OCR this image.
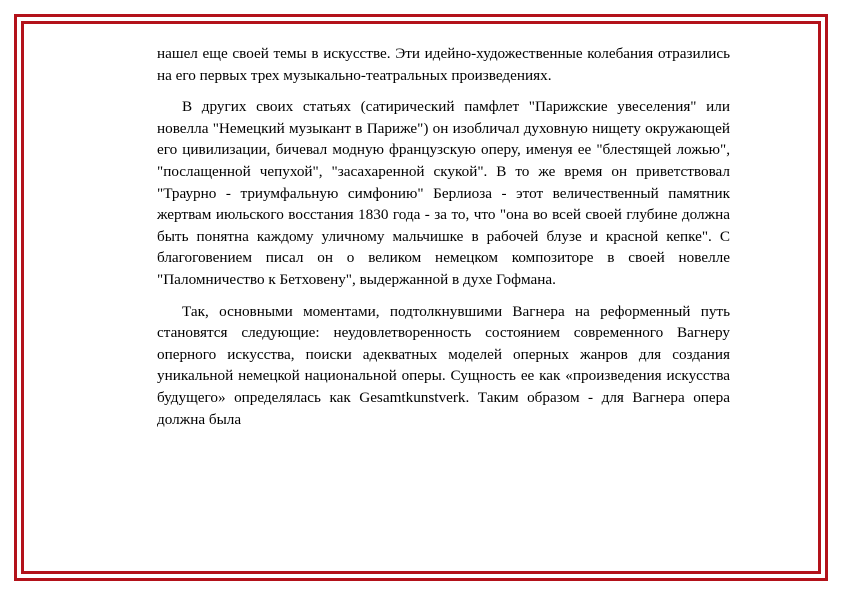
нашел еще своей темы в искусстве. Эти идейно-художественные колебания отразились на его первых трех музыкально-театральных произведениях.

В других своих статьях (сатирический памфлет "Парижские увеселения" или новелла "Немецкий музыкант в Париже") он изобличал духовную нищету окружающей его цивилизации, бичевал модную французскую оперу, именуя ее "блестящей ложью", "послащенной чепухой", "засахаренной скукой". В то же время он приветствовал "Траурно - триумфальную симфонию" Берлиоза - этот величественный памятник жертвам июльского восстания 1830 года - за то, что "она во всей своей глубине должна быть понятна каждому уличному мальчишке в рабочей блузе и красной кепке". С благоговением писал он о великом немецком композиторе в своей новелле "Паломничество к Бетховену", выдержанной в духе Гофмана.

Так, основными моментами, подтолкнувшими Вагнера на реформенный путь становятся следующие: неудовлетворенность состоянием современного Вагнеру оперного искусства, поиски адекватных моделей оперных жанров для создания уникальной немецкой национальной оперы. Сущность ее как «произведения искусства будущего» определялась как Gesamtkunstverk. Таким образом - для Вагнера опера должна была
